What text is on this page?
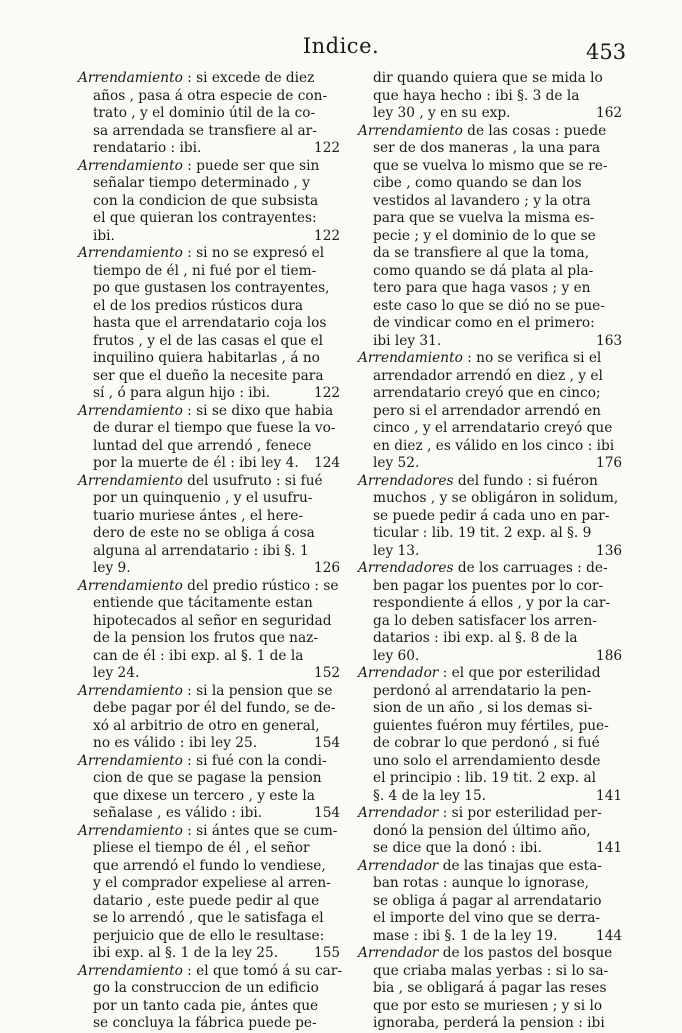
Indice.	453
Arrendamiento : si excede de diez
años , pasa á otra especie de con-
trato , y el dominio útil de la co-
sa arrendada se transfiere al ar-
rendatario : ibi.	122
Arrendamiento : puede ser que sin
señalar tiempo determinado , y
con la condicion de que subsista
el que quieran los contrayentes:
ibi.	122
Arrendamiento : si no se expresó el
tiempo de él , ni fué por el tiem-
po que gustasen los contrayentes,
el de los predios rústicos dura
hasta que el arrendatario coja los
frutos , y el de las casas el que el
inquilino quiera habitarlas , á no
ser que el dueño la necesite para
sí , ó para algun hijo : ibi.	122
Arrendamiento : si se dixo que habia
de durar el tiempo que fuese la vo-
luntad del que arrendó , fenece
por la muerte de él : ibi ley 4. 124
Arrendamiento del usufruto : si fué
por un quinquenio , y el usufru-
tuario muriese ántes , el here-
dero de este no se obliga á cosa
alguna al arrendatario : ibi §. 1
ley 9.	126
Arrendamiento del predio rústico : se
entiende que tácitamente estan
hipotecados al señor en seguridad
de la pension los frutos que naz-
can de él : ibi exp. al §. 1 de la
ley 24.	152
Arrendamiento : si la pension que se
debe pagar por él del fundo, se de-
xó al arbitrio de otro en general,
no es válido : ibi ley 25.	154
Arrendamiento : si fué con la condi-
cion de que se pagase la pension
que dixese un tercero , y este la
señalase , es válido : ibi.	154
Arrendamiento : si ántes que se cum-
pliese el tiempo de él , el señor
que arrendó el fundo lo vendiese,
y el comprador expeliese al arren-
datario , este puede pedir al que
se lo arrendó , que le satisfaga el
perjuicio que de ello le resultase:
ibi exp. al §. 1 de la ley 25.	155
Arrendamiento : el que tomó á su car-
go la construccion de un edificio
por un tanto cada pie, ántes que
se concluya la fábrica puede pe-
dir quando quiera que se mida lo
que haya hecho : ibi §. 3 de la
ley 30 , y en su exp.	162
Arrendamiento de las cosas : puede
ser de dos maneras , la una para
que se vuelva lo mismo que se re-
cibe , como quando se dan los
vestidos al lavandero ; y la otra
para que se vuelva la misma es-
pecie ; y el dominio de lo que se
da se transfiere al que la toma,
como quando se dá plata al pla-
tero para que haga vasos ; y en
este caso lo que se dió no se pue-
de vindicar como en el primero:
ibi ley 31.	163
Arrendamiento : no se verifica si el
arrendador arrendó en diez , y el
arrendatario creyó que en cinco;
pero si el arrendador arrendó en
cinco , y el arrendatario creyó que
en diez , es válido en los cinco : ibi
ley 52.	176
Arrendadores del fundo : si fuéron
muchos , y se obligáron in solidum,
se puede pedir á cada uno en par-
ticular : lib. 19 tit. 2 exp. al §. 9
ley 13.	136
Arrendadores de los carruages : de-
ben pagar los puentes por lo cor-
respondiente á ellos , y por la car-
ga lo deben satisfacer los arren-
datarios : ibi exp. al §. 8 de la
ley 60.	186
Arrendador : el que por esterilidad
perdonó al arrendatario la pen-
sion de un año , si los demas si-
guientes fuéron muy fértiles, pue-
de cobrar lo que perdonó , si fué
uno solo el arrendamiento desde
el principio : lib. 19 tit. 2 exp. al
§. 4 de la ley 15.	141
Arrendador : si por esterilidad per-
donó la pension del último año,
se dice que la donó : ibi.	141
Arrendador de las tinajas que esta-
ban rotas : aunque lo ignorase,
se obliga á pagar al arrendatario
el importe del vino que se derra-
mase : ibi §. 1 de la ley 19.	144
Arrendador de los pastos del bosque
que criaba malas yerbas : si lo sa-
bia , se obligará á pagar las reses
que por esto se muriesen ; y si lo
ignoraba, perderá la pension : ibi
